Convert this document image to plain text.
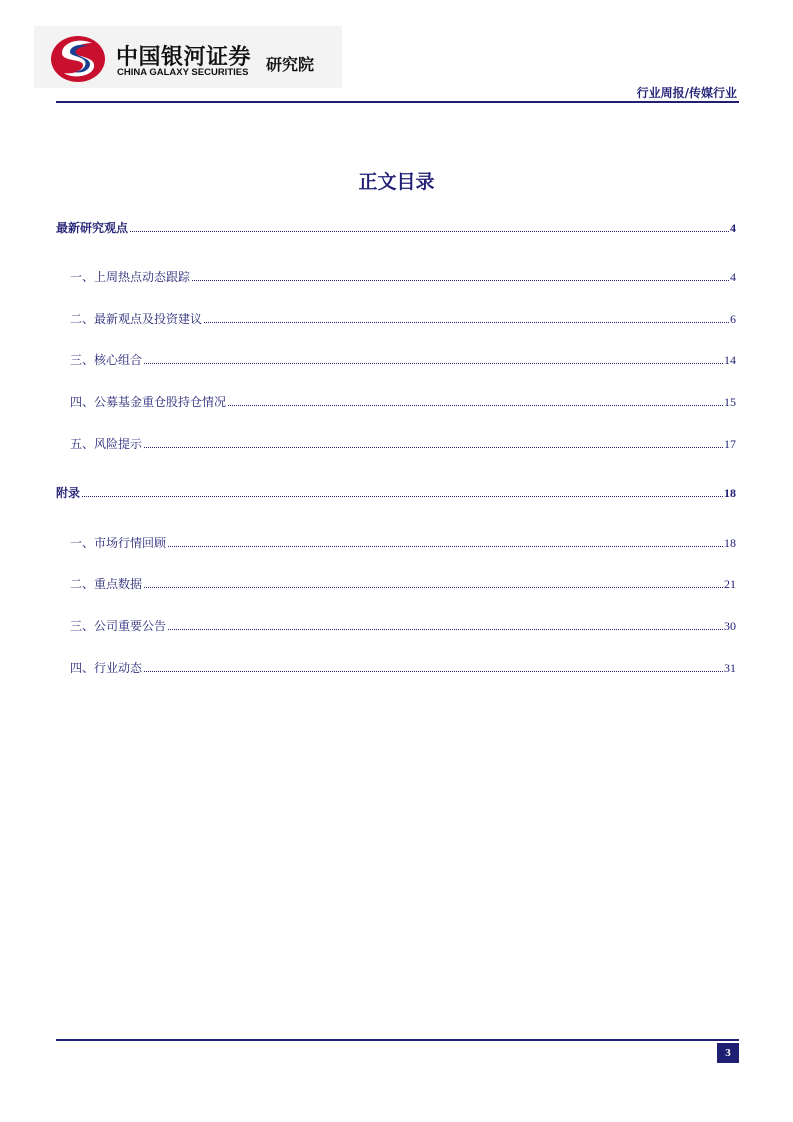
中国银河证券
CHINA GALAXY SECURITIES 研究院
行业周报/传媒行业
正文目录
最新研究观点	4
一、上周热点动态跟踪	4
二、最新观点及投资建议	6
三、核心组合	14
四、公募基金重仓股持仓情况	15
五、风险提示	17
附录	18
一、市场行情回顾	18
二、重点数据	21
三、公司重要公告	30
四、行业动态	31
3
